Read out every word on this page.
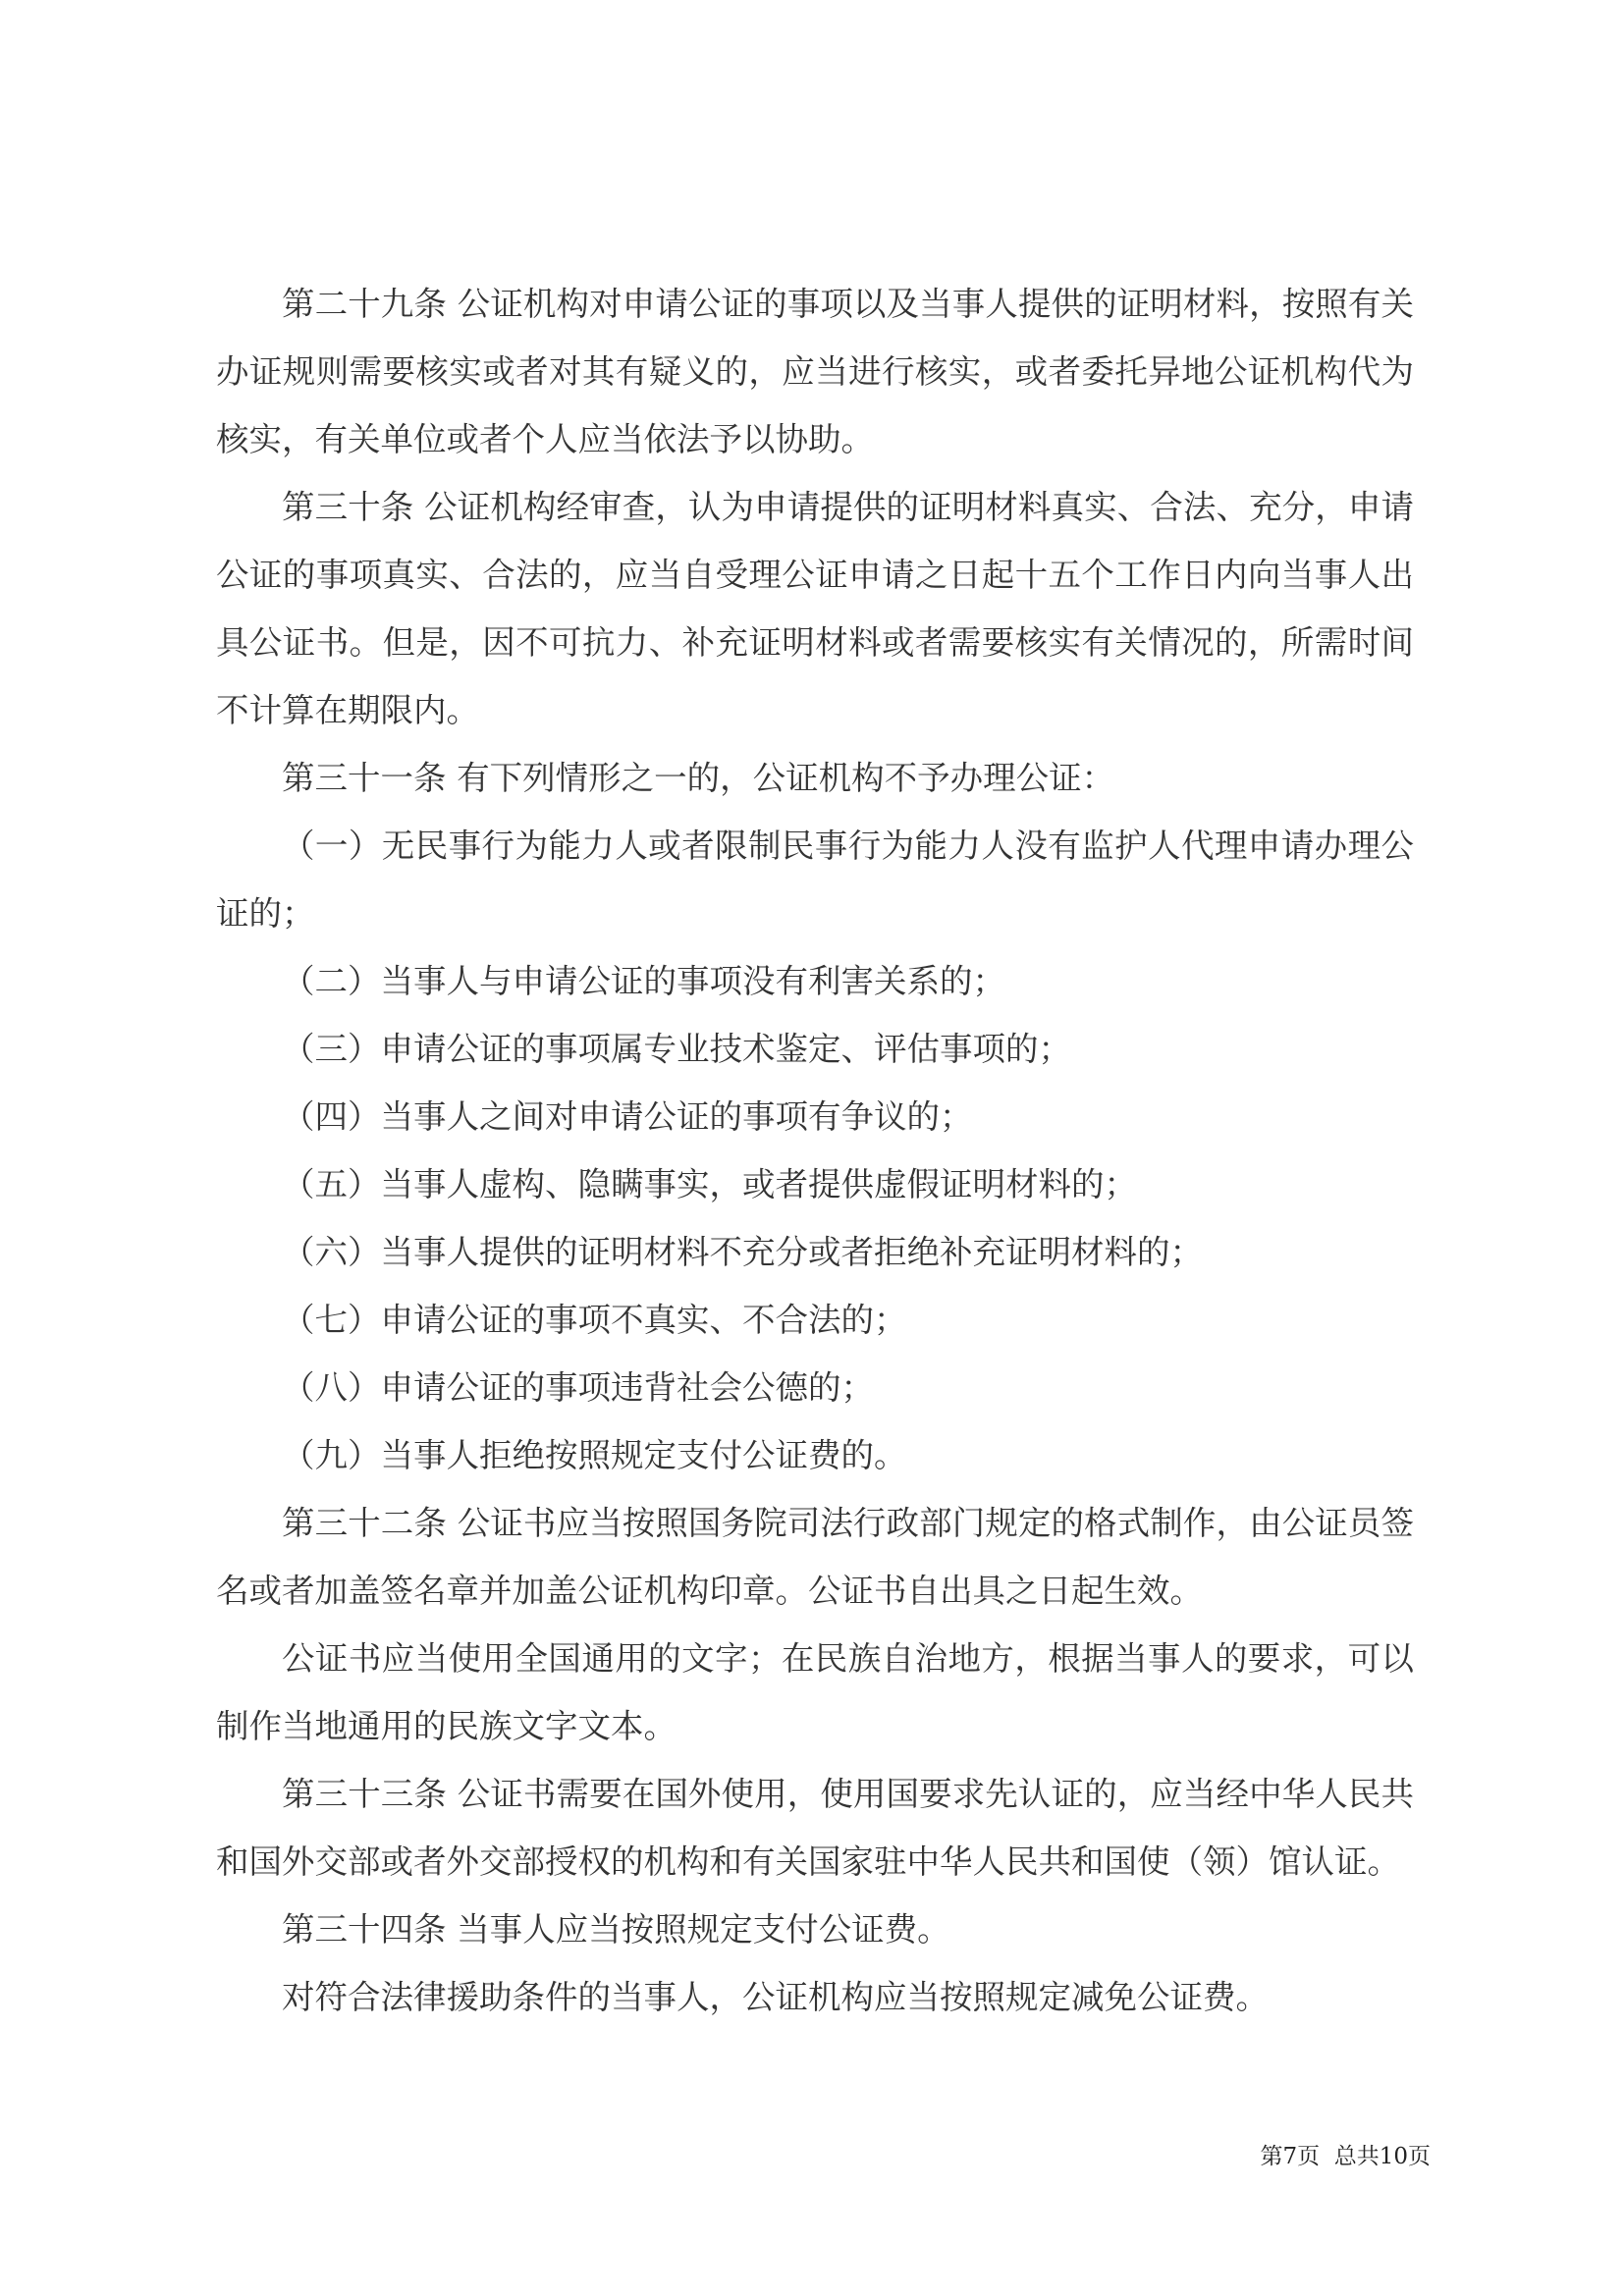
第二十九条 公证机构对申请公证的事项以及当事人提供的证明材料，按照有关办证规则需要核实或者对其有疑义的，应当进行核实，或者委托异地公证机构代为核实，有关单位或者个人应当依法予以协助。

第三十条 公证机构经审查，认为申请提供的证明材料真实、合法、充分，申请公证的事项真实、合法的，应当自受理公证申请之日起十五个工作日内向当事人出具公证书。但是，因不可抗力、补充证明材料或者需要核实有关情况的，所需时间不计算在期限内。

第三十一条 有下列情形之一的，公证机构不予办理公证：

（一）无民事行为能力人或者限制民事行为能力人没有监护人代理申请办理公证的；

（二）当事人与申请公证的事项没有利害关系的；

（三）申请公证的事项属专业技术鉴定、评估事项的；

（四）当事人之间对申请公证的事项有争议的；

（五）当事人虚构、隐瞒事实，或者提供虚假证明材料的；

（六）当事人提供的证明材料不充分或者拒绝补充证明材料的；

（七）申请公证的事项不真实、不合法的；

（八）申请公证的事项违背社会公德的；

（九）当事人拒绝按照规定支付公证费的。

第三十二条 公证书应当按照国务院司法行政部门规定的格式制作，由公证员签名或者加盖签名章并加盖公证机构印章。公证书自出具之日起生效。

公证书应当使用全国通用的文字；在民族自治地方，根据当事人的要求，可以制作当地通用的民族文字文本。

第三十三条 公证书需要在国外使用，使用国要求先认证的，应当经中华人民共和国外交部或者外交部授权的机构和有关国家驻中华人民共和国使（领）馆认证。

第三十四条 当事人应当按照规定支付公证费。

对符合法律援助条件的当事人，公证机构应当按照规定减免公证费。

第7页  总共10页
